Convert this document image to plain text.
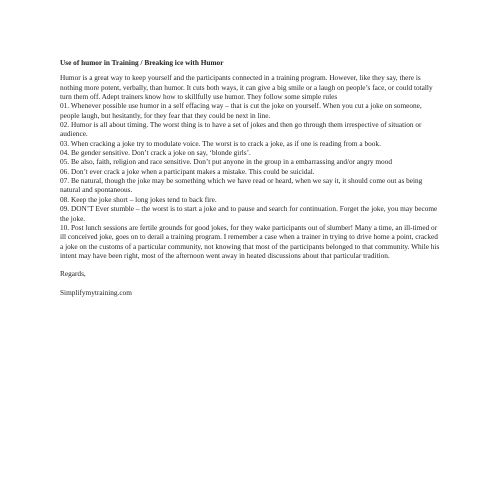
Use of humor in Training / Breaking ice with Humor

Humor is a great way to keep yourself and the participants connected in a training program. However, like they say, there is nothing more potent, verbally, than humor. It cuts both ways, it can give a big smile or a laugh on people’s face, or could totally turn them off. Adept trainers know how to skillfully use humor. They follow some simple rules

01. Whenever possible use humor in a self effacing way – that is cut the joke on yourself. When you cut a joke on someone, people laugh, but hesitantly, for they fear that they could be next in line.

02. Humor is all about timing. The worst thing is to have a set of jokes and then go through them irrespective of situation or audience.

03. When cracking a joke try to modulate voice. The worst is to crack a joke, as if one is reading from a book.

04. Be gender sensitive. Don’t crack a joke on say, ‘blonde girls’.

05. Be also, faith, religion and race sensitive. Don’t put anyone in the group in a embarrassing and/or angry mood

06. Don’t ever crack a joke when a participant makes a mistake. This could be suicidal.

07. Be natural, though the joke may be something which we have read or heard, when we say it, it should come out as being natural and spontaneous.

08. Keep the joke short – long jokes tend to back fire.

09. DON’T Ever stumble – the worst is to start a joke and to pause and search for continuation. Forget the joke, you may become the joke.

10. Post lunch sessions are fertile grounds for good jokes, for they wake participants out of slumber! Many a time, an ill-timed or ill conceived joke, goes on to derail a training program. I remember a case when a trainer in trying to drive home a point, cracked a joke on the customs of a particular community, not knowing that most of the participants belonged to that community. While his intent may have been right, most of the afternoon went away in heated discussions about that particular tradition.

Regards,

Simplifymytraining.com
